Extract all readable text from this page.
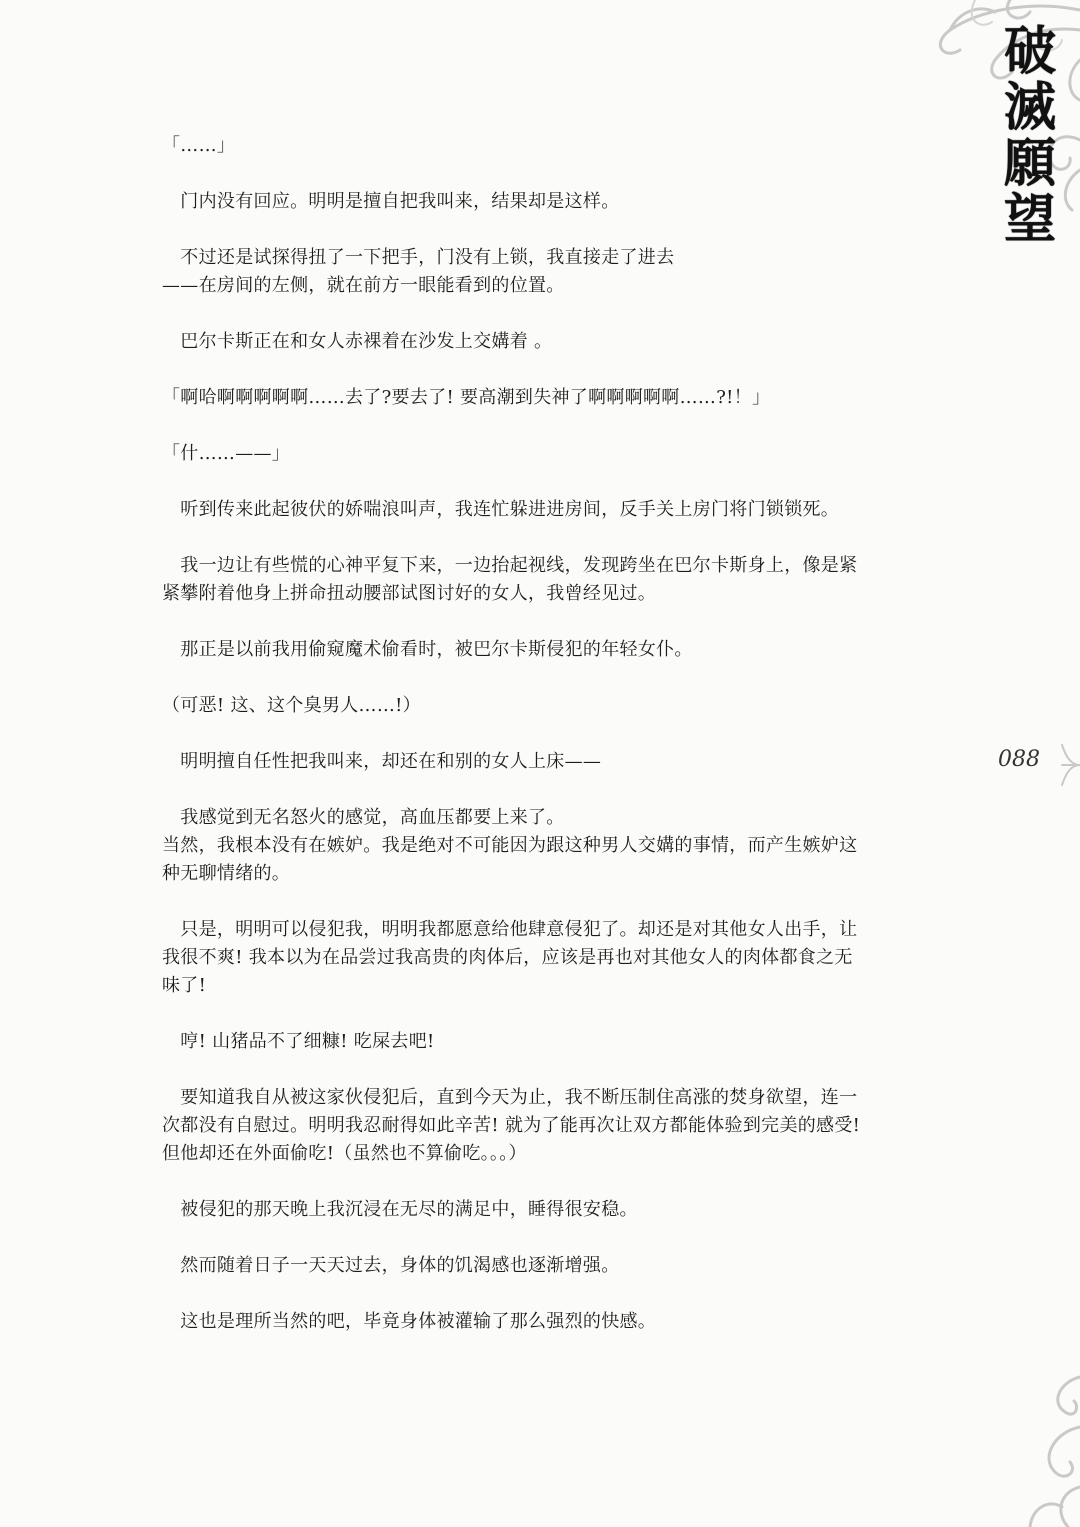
破
滅
願
望
088

「……」

　门内没有回应。明明是擅自把我叫来，结果却是这样。

　不过还是试探得扭了一下把手，门没有上锁，我直接走了进去
——在房间的左侧，就在前方一眼能看到的位置。

　巴尔卡斯正在和女人赤裸着在沙发上交媾着 。

「啊哈啊啊啊啊啊……去了?要去了! 要高潮到失神了啊啊啊啊啊……?!！」

「什……——」

　听到传来此起彼伏的娇喘浪叫声，我连忙躲进进房间，反手关上房门将门锁锁死。

　我一边让有些慌的心神平复下来，一边抬起视线，发现跨坐在巴尔卡斯身上，像是紧
紧攀附着他身上拼命扭动腰部试图讨好的女人，我曾经见过。

　那正是以前我用偷窥魔术偷看时，被巴尔卡斯侵犯的年轻女仆。

（可恶! 这、这个臭男人……!）

　明明擅自任性把我叫来，却还在和别的女人上床——

　我感觉到无名怒火的感觉，高血压都要上来了。

当然，我根本没有在嫉妒。我是绝对不可能因为跟这种男人交媾的事情，而产生嫉妒这
种无聊情绪的。

　只是，明明可以侵犯我，明明我都愿意给他肆意侵犯了。却还是对其他女人出手，让
我很不爽! 我本以为在品尝过我高贵的肉体后，应该是再也对其他女人的肉体都食之无
味了!

　哼! 山猪品不了细糠! 吃屎去吧!

　要知道我自从被这家伙侵犯后，直到今天为止，我不断压制住高涨的焚身欲望，连一
次都没有自慰过。明明我忍耐得如此辛苦! 就为了能再次让双方都能体验到完美的感受!
但他却还在外面偷吃!（虽然也不算偷吃。。。）

　被侵犯的那天晚上我沉浸在无尽的满足中，睡得很安稳。

　然而随着日子一天天过去，身体的饥渴感也逐渐增强。

　这也是理所当然的吧，毕竟身体被灌输了那么强烈的快感。
